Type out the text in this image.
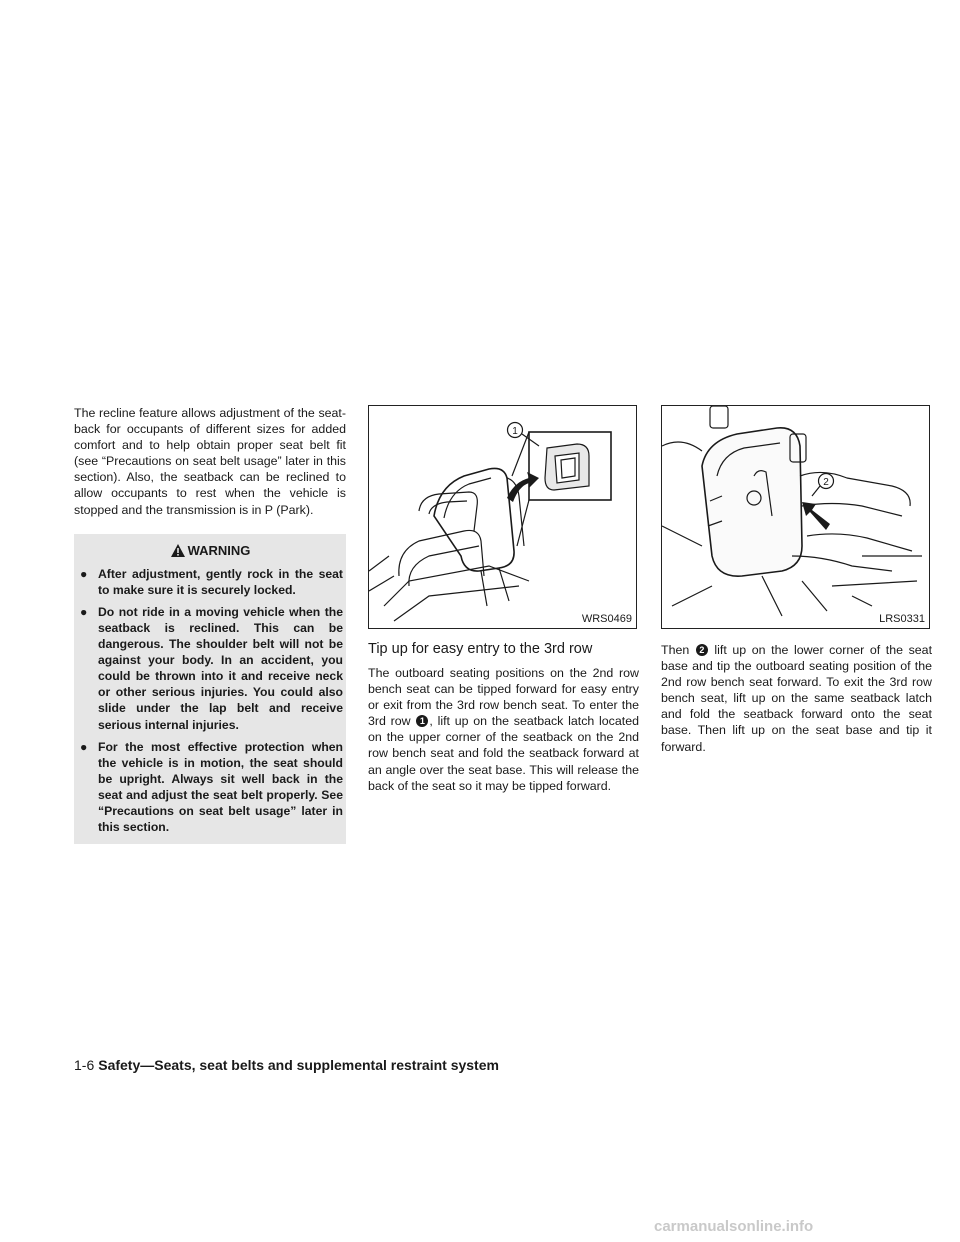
The recline feature allows adjustment of the seat-back for occupants of different sizes for added comfort and to help obtain proper seat belt fit (see “Precautions on seat belt usage” later in this section). Also, the seatback can be reclined to allow occupants to rest when the vehicle is stopped and the transmission is in P (Park).

WARNING
● After adjustment, gently rock in the seat to make sure it is securely locked.
● Do not ride in a moving vehicle when the seatback is reclined. This can be dangerous. The shoulder belt will not be against your body. In an accident, you could be thrown into it and receive neck or other serious injuries. You could also slide under the lap belt and receive serious internal injuries.
● For the most effective protection when the vehicle is in motion, the seat should be upright. Always sit well back in the seat and adjust the seat belt properly. See “Precautions on seat belt usage” later in this section.
1
WRS0469
Tip up for easy entry to the 3rd row

The outboard seating positions on the 2nd row bench seat can be tipped forward for easy entry or exit from the 3rd row bench seat. To enter the 3rd row 1 , lift up on the seatback latch located on the upper corner of the seatback on the 2nd row bench seat and fold the seatback forward at an angle over the seat base. This will release the back of the seat so it may be tipped forward.

2
LRS0331

Then 2 lift up on the lower corner of the seat base and tip the outboard seating position of the 2nd row bench seat forward. To exit the 3rd row bench seat, lift up on the same seatback latch and fold the seatback forward onto the seat base. Then lift up on the seat base and tip it forward.

1-6 Safety—Seats, seat belts and supplemental restraint system
carmanualsonline.info
